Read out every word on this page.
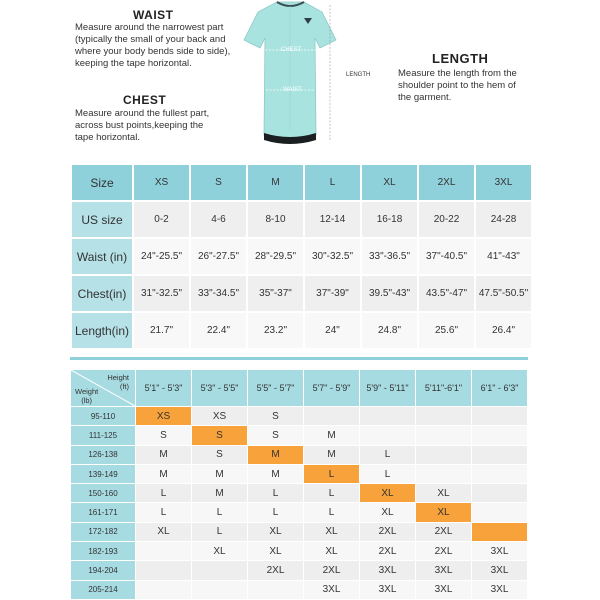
WAIST
Measure around the narrowest part (typically the small of your back and where your body bends side to side), keeping the tape horizontal.
CHEST
Measure around the fullest part, across bust points,keeping the tape horizontal.
LENGTH
Measure the length from the shoulder point to the hem of the garment.
CHEST
WAIST
LENGTH
Size	XS	S	M	L	XL	2XL	3XL
US size	0-2	4-6	8-10	12-14	16-18	20-22	24-28
Waist (in)	24"-25.5"	26"-27.5"	28"-29.5"	30"-32.5"	33"-36.5"	37"-40.5"	41"-43"
Chest(in)	31"-32.5"	33"-34.5"	35"-37"	37"-39"	39.5"-43"	43.5"-47"	47.5"-50.5"
Length(in)	21.7"	22.4"	23.2"	24"	24.8"	25.6"	26.4"
Height
(ft)
Weight
(lb)	5'1" - 5'3"	5'3" - 5'5"	5'5" - 5'7"	5'7" - 5'9"	5'9" - 5'11"	5'11"-6'1"	6'1" - 6'3"
95-110	XS	XS	S				
111-125	S	S	S	M			
126-138	M	S	M	M	L		
139-149	M	M	M	L	L		
150-160	L	M	L	L	XL	XL	
161-171	L	L	L	L	XL	XL	
172-182	XL	L	XL	XL	2XL	2XL	
182-193		XL	XL	XL	2XL	2XL	3XL
194-204			2XL	2XL	3XL	3XL	3XL
205-214				3XL	3XL	3XL	3XL
